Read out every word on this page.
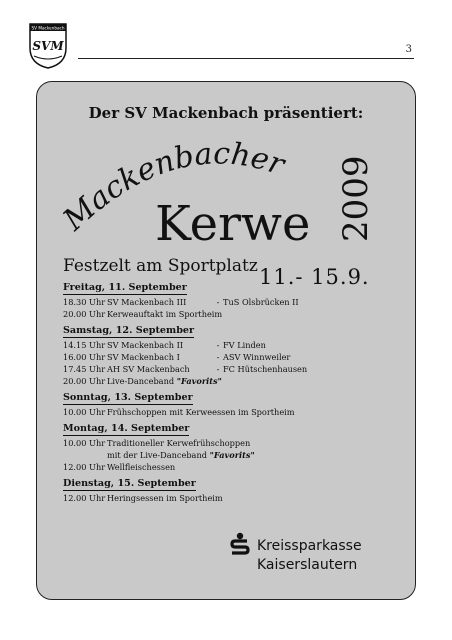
SV Mackenbach
SVM	3
Der SV Mackenbach präsentiert:
Mackenbacher
Kerwe 2009
Festzelt am Sportplatz 11.- 15.9.
Freitag, 11. September
18.30 Uhr SV Mackenbach III	- TuS Olsbrücken II
20.00 Uhr Kerweauftakt im Sportheim
Samstag, 12. September
14.15 Uhr SV Mackenbach II	- FV Linden
16.00 Uhr SV Mackenbach I	- ASV Winnweiler
17.45 Uhr AH SV Mackenbach	- FC Hütschenhausen
20.00 Uhr Live-Danceband "Favorits"
Sonntag, 13. September
10.00 Uhr Frühschoppen mit Kerweessen im Sportheim
Montag, 14. September
10.00 Uhr Traditioneller Kerwefrühschoppen
mit der Live-Danceband "Favorits"
12.00 Uhr Wellfleischessen
Dienstag, 15. September
12.00 Uhr Heringsessen im Sportheim
Kreissparkasse
Kaiserslautern
